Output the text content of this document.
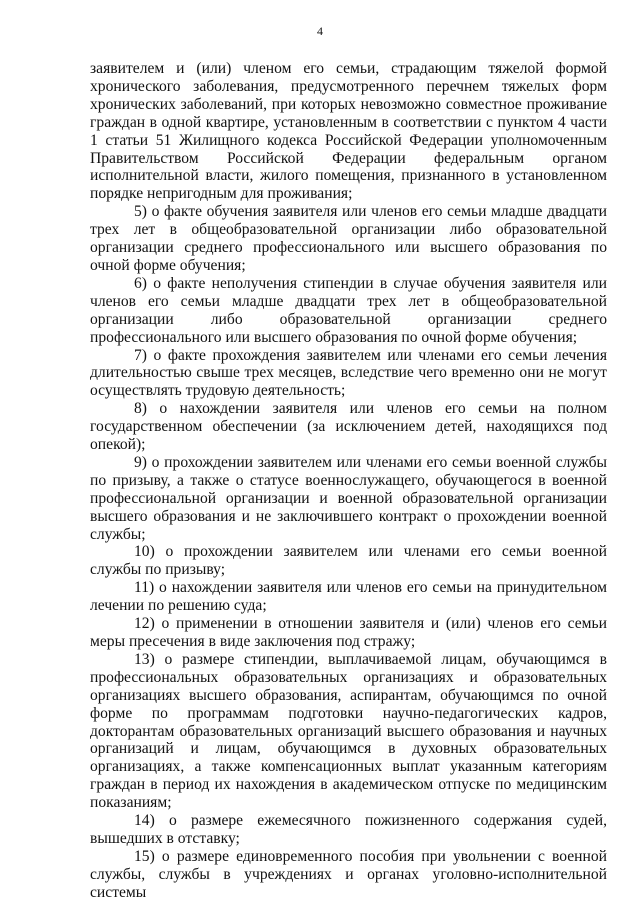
4

заявителем и (или) членом его семьи, страдающим тяжелой формой хронического заболевания, предусмотренного перечнем тяжелых форм хронических заболеваний, при которых невозможно совместное проживание граждан в одной квартире, установленным в соответствии с пунктом 4 части 1 статьи 51 Жилищного кодекса Российской Федерации уполномоченным Правительством Российской Федерации федеральным органом исполнительной власти, жилого помещения, признанного в установленном порядке непригодным для проживания;

5) о факте обучения заявителя или членов его семьи младше двадцати трех лет в общеобразовательной организации либо образовательной организации среднего профессионального или высшего образования по очной форме обучения;

6) о факте неполучения стипендии в случае обучения заявителя или членов его семьи младше двадцати трех лет в общеобразовательной организации либо образовательной организации среднего профессионального или высшего образования по очной форме обучения;

7) о факте прохождения заявителем или членами его семьи лечения длительностью свыше трех месяцев, вследствие чего временно они не могут осуществлять трудовую деятельность;

8) о нахождении заявителя или членов его семьи на полном государственном обеспечении (за исключением детей, находящихся под опекой);

9) о прохождении заявителем или членами его семьи военной службы по призыву, а также о статусе военнослужащего, обучающегося в военной профессиональной организации и военной образовательной организации высшего образования и не заключившего контракт о прохождении военной службы;

10) о прохождении заявителем или членами его семьи военной службы по призыву;

11) о нахождении заявителя или членов его семьи на принудительном лечении по решению суда;

12) о применении в отношении заявителя и (или) членов его семьи меры пресечения в виде заключения под стражу;

13) о размере стипендии, выплачиваемой лицам, обучающимся в профессиональных образовательных организациях и образовательных организациях высшего образования, аспирантам, обучающимся по очной форме по программам подготовки научно-педагогических кадров, докторантам образовательных организаций высшего образования и научных организаций и лицам, обучающимся в духовных образовательных организациях, а также компенсационных выплат указанным категориям граждан в период их нахождения в академическом отпуске по медицинским показаниям;

14) о размере ежемесячного пожизненного содержания судей, вышедших в отставку;

15) о размере единовременного пособия при увольнении с военной службы, службы в учреждениях и органах уголовно-исполнительной системы
